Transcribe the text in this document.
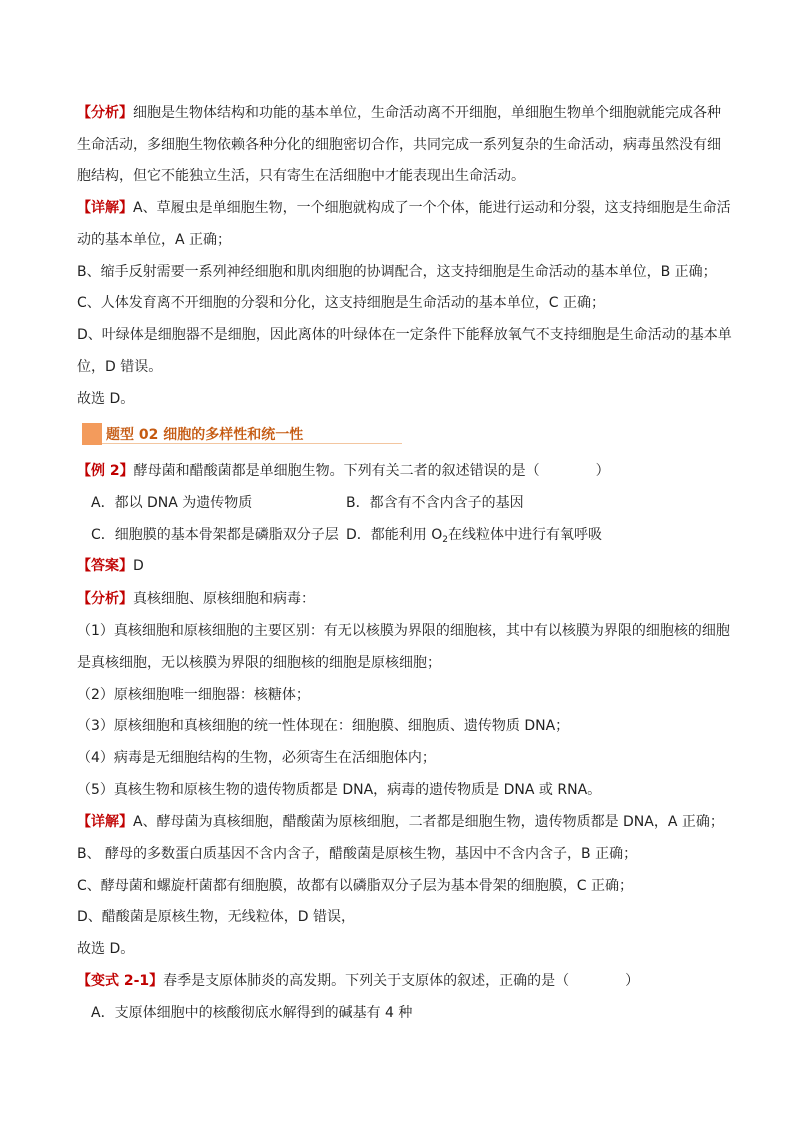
【分析】细胞是生物体结构和功能的基本单位，生命活动离不开细胞，单细胞生物单个细胞就能完成各种
生命活动，多细胞生物依赖各种分化的细胞密切合作，共同完成一系列复杂的生命活动，病毒虽然没有细
胞结构，但它不能独立生活，只有寄生在活细胞中才能表现出生命活动。
【详解】A、草履虫是单细胞生物，一个细胞就构成了一个个体，能进行运动和分裂，这支持细胞是生命活
动的基本单位，A 正确；
B、缩手反射需要一系列神经细胞和肌肉细胞的协调配合，这支持细胞是生命活动的基本单位，B 正确；
C、人体发育离不开细胞的分裂和分化，这支持细胞是生命活动的基本单位，C 正确；
D、叶绿体是细胞器不是细胞，因此离体的叶绿体在一定条件下能释放氧气不支持细胞是生命活动的基本单
位，D 错误。
故选 D。
题型 02 细胞的多样性和统一性
【例 2】酵母菌和醋酸菌都是单细胞生物。下列有关二者的叙述错误的是（　　　　）
A．都以 DNA 为遗传物质	B．都含有不含内含子的基因
C．细胞膜的基本骨架都是磷脂双分子层 D．都能利用 $O_2$在线粒体中进行有氧呼吸
【答案】D
【分析】真核细胞、原核细胞和病毒：
（1）真核细胞和原核细胞的主要区别：有无以核膜为界限的细胞核，其中有以核膜为界限的细胞核的细胞
是真核细胞，无以核膜为界限的细胞核的细胞是原核细胞；
（2）原核细胞唯一细胞器：核糖体；
（3）原核细胞和真核细胞的统一性体现在：细胞膜、细胞质、遗传物质 DNA；
（4）病毒是无细胞结构的生物，必须寄生在活细胞体内；
（5）真核生物和原核生物的遗传物质都是 DNA，病毒的遗传物质是 DNA 或 RNA。
【详解】A、酵母菌为真核细胞，醋酸菌为原核细胞，二者都是细胞生物，遗传物质都是 DNA，A 正确；
B、 酵母的多数蛋白质基因不含内含子，醋酸菌是原核生物，基因中不含内含子，B 正确；
C、酵母菌和螺旋杆菌都有细胞膜，故都有以磷脂双分子层为基本骨架的细胞膜，C 正确；
D、醋酸菌是原核生物，无线粒体，D 错误，
故选 D。
【变式 2-1】春季是支原体肺炎的高发期。下列关于支原体的叙述，正确的是（　　　　）
A．支原体细胞中的核酸彻底水解得到的碱基有 4 种
